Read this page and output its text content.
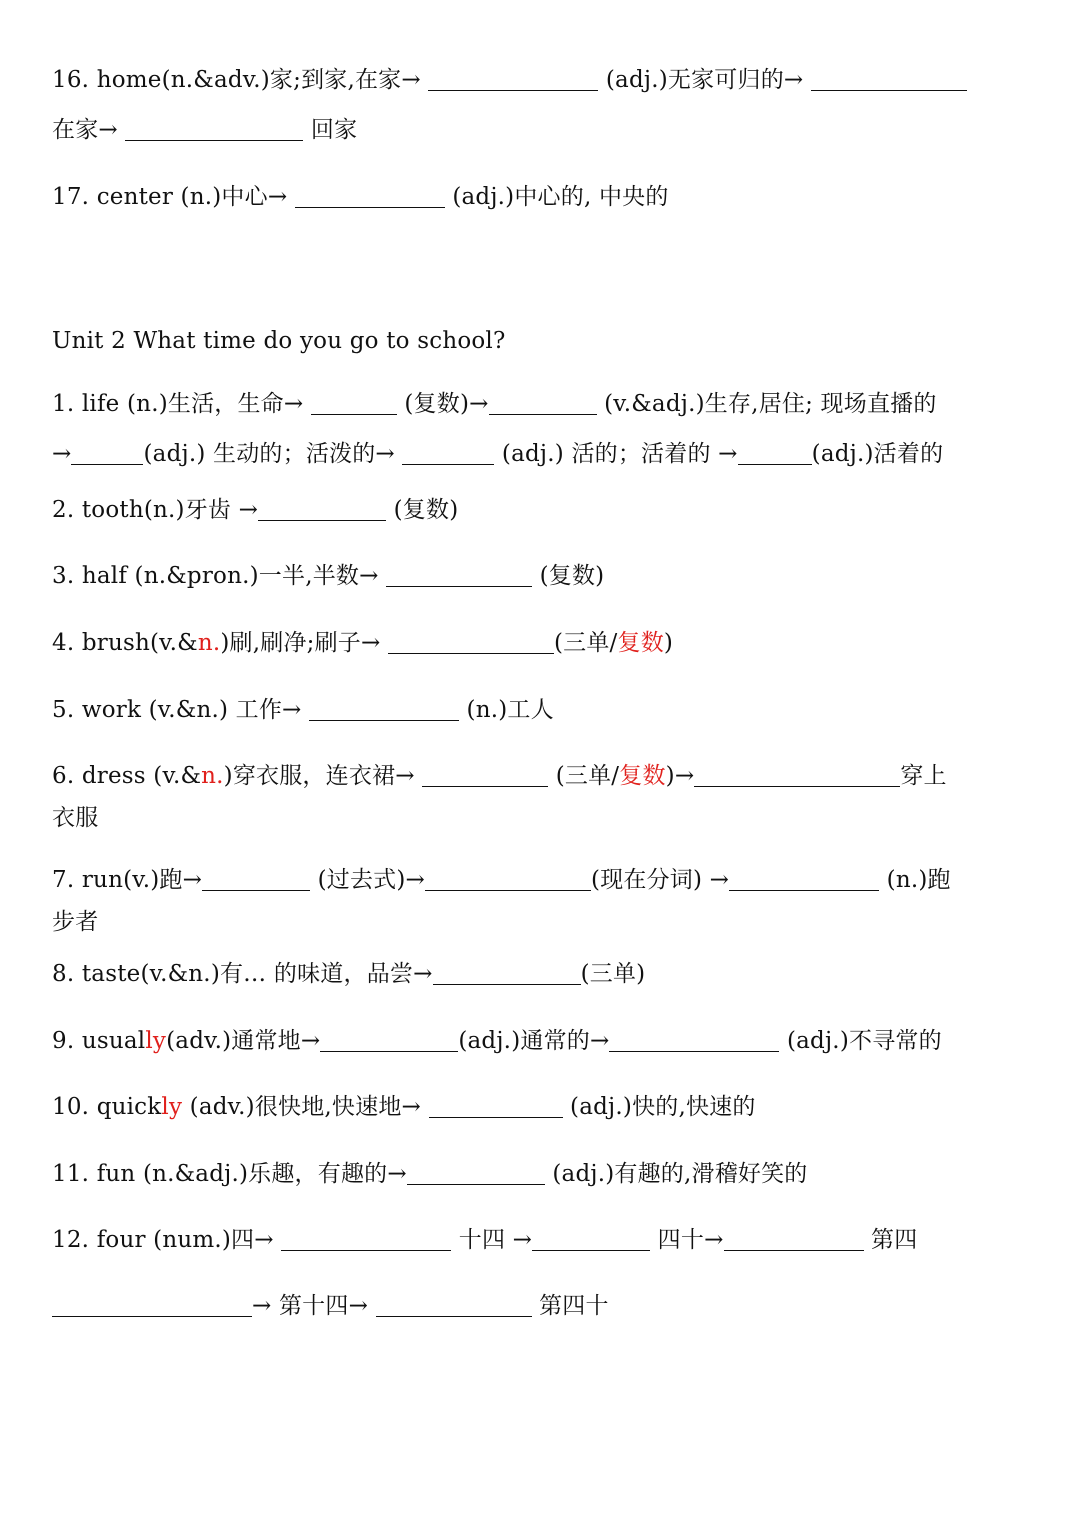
16. home(n.&adv.)家;到家,在家→	(adj.)无家可归的→
在家→	回家
17. center (n.)中心→	(adj.)中心的, 中央的
Unit 2 What time do you go to school?
1. life (n.)生活，生命→	(复数)→	(v.&adj.)生存,居住; 现场直播的
→	(adj.) 生动的；活泼的→	(adj.) 活的；活着的 →	(adj.)活着的
2. tooth(n.)牙齿 →	(复数)
3. half (n.&pron.)一半,半数→	(复数)
4. brush(v.&n.)刷,刷净;刷子→	(三单/复数)
5. work (v.&n.) 工作→	(n.)工人
6. dress (v.&n.)穿衣服，连衣裙→	(三单/复数)→	穿上
衣服
7. run(v.)跑→	(过去式)→	(现在分词) →	(n.)跑
步者
8. taste(v.&n.)有… 的味道，品尝→	(三单)
9. usually(adv.)通常地→	(adj.)通常的→	(adj.)不寻常的
10. quickly (adv.)很快地,快速地→	(adj.)快的,快速的
11. fun (n.&adj.)乐趣，有趣的→	(adj.)有趣的,滑稽好笑的
12. four (num.)四→	十四 →	四十→	第四
→ 第十四→	第四十
